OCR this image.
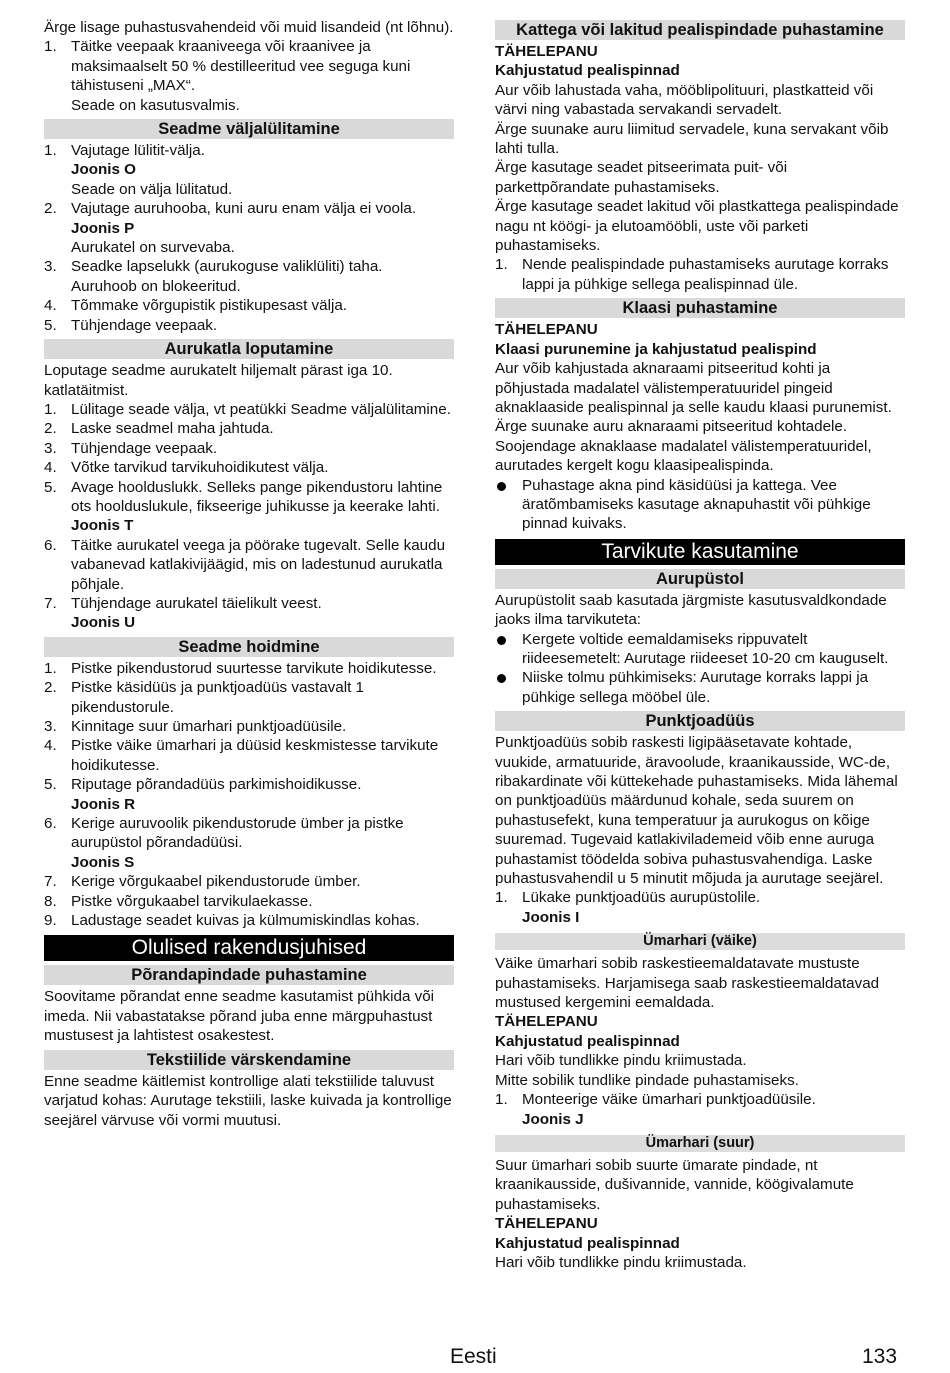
Ärge lisage puhastusvahendeid või muid lisandeid (nt lõhnu).

1. Täitke veepaak kraaniveega või kraanivee ja maksimaalselt 50 % destilleeritud vee seguga kuni tähistuseni „MAX“.

Seade on kasutusvalmis.

Seadme väljalülitamine
1. Vajutage lülitit-välja.

Joonis O

Seade on välja lülitatud.

2. Vajutage auruhooba, kuni auru enam välja ei voola.

Joonis P

Aurukatel on survevaba.

3. Seadke lapselukk (aurukoguse valiklüliti) taha.

Auruhoob on blokeeritud.

4. Tõmmake võrgupistik pistikupesast välja.
5. Tühjendage veepaak.
Aurukatla loputamine

Loputage seadme aurukatelt hiljemalt pärast iga 10. katlatäitmist.

1. Lülitage seade välja, vt peatükki Seadme väljalülitamine.
2. Laske seadmel maha jahtuda.
3. Tühjendage veepaak.
4. Võtke tarvikud tarvikuhoidikutest välja.
5. Avage hoolduslukk. Selleks pange pikendustoru lahtine ots hoolduslukule, fikseerige juhikusse ja keerake lahti.

Joonis T

6. Täitke aurukatel veega ja pöörake tugevalt. Selle kaudu vabanevad katlakivijäägid, mis on ladestunud aurukatla põhjale.
7. Tühjendage aurukatel täielikult veest.

Joonis U

Seadme hoidmine
1. Pistke pikendustorud suurtesse tarvikute hoidikutesse.
2. Pistke käsidüüs ja punktjoadüüs vastavalt 1 pikendustorule.
3. Kinnitage suur ümarhari punktjoadüüsile.
4. Pistke väike ümarhari ja düüsid keskmistesse tarvikute hoidikutesse.
5. Riputage põrandadüüs parkimishoidikusse.

Joonis R

6. Kerige auruvoolik pikendustorude ümber ja pistke aurupüstol põrandadüüsi.

Joonis S

7. Kerige võrgukaabel pikendustorude ümber.
8. Pistke võrgukaabel tarvikulaekasse.
9. Ladustage seadet kuivas ja külmumiskindlas kohas.
Olulised rakendusjuhised
Põrandapindade puhastamine

Soovitame põrandat enne seadme kasutamist pühkida või imeda. Nii vabastatakse põrand juba enne märgpuhastust mustusest ja lahtistest osakestest.

Tekstiilide värskendamine

Enne seadme käitlemist kontrollige alati tekstiilide taluvust varjatud kohas: Aurutage tekstiili, laske kuivada ja kontrollige seejärel värvuse või vormi muutusi.

Kattega või lakitud pealispindade puhastamine

TÄHELEPANU

Kahjustatud pealispinnad

Aur võib lahustada vaha, mööblipolituuri, plastkatteid või värvi ning vabastada servakandi servadelt.

Ärge suunake auru liimitud servadele, kuna servakant võib lahti tulla.

Ärge kasutage seadet pitseerimata puit- või parkettpõrandate puhastamiseks.

Ärge kasutage seadet lakitud või plastkattega pealispindade nagu nt köögi- ja elutoamööbli, uste või parketi puhastamiseks.

1. Nende pealispindade puhastamiseks aurutage korraks lappi ja pühkige sellega pealispinnad üle.
Klaasi puhastamine

TÄHELEPANU

Klaasi purunemine ja kahjustatud pealispind

Aur võib kahjustada aknaraami pitseeritud kohti ja põhjustada madalatel välistemperatuuridel pingeid aknaklaaside pealispinnal ja selle kaudu klaasi purunemist.

Ärge suunake auru aknaraami pitseeritud kohtadele.

Soojendage aknaklaase madalatel välistemperatuuridel, aurutades kergelt kogu klaasipealispinda.

Puhastage akna pind käsidüüsi ja kattega. Vee äratõmbamiseks kasutage aknapuhastit või pühkige pinnad kuivaks.
Tarvikute kasutamine
Aurupüstol

Aurupüstolit saab kasutada järgmiste kasutusvaldkondade jaoks ilma tarvikuteta:

Kergete voltide eemaldamiseks rippuvatelt riideesemetelt: Aurutage riideeset 10-20 cm kauguselt.
Niiske tolmu pühkimiseks: Aurutage korraks lappi ja pühkige sellega mööbel üle.
Punktjoadüüs

Punktjoadüüs sobib raskesti ligipääsetavate kohtade, vuukide, armatuuride, äravoolude, kraanikausside, WC-de, ribakardinate või küttekehade puhastamiseks. Mida lähemal on punktjoadüüs määrdunud kohale, seda suurem on puhastusefekt, kuna temperatuur ja aurukogus on kõige suuremad. Tugevaid katlakivilademeid võib enne auruga puhastamist töödelda sobiva puhastusvahendiga. Laske puhastusvahendil u 5 minutit mõjuda ja aurutage seejärel.

1. Lükake punktjoadüüs aurupüstolile.

Joonis I

Ümarhari (väike)

Väike ümarhari sobib raskestieemaldatavate mustuste puhastamiseks. Harjamisega saab raskestieemaldatavad mustused kergemini eemaldada.

TÄHELEPANU

Kahjustatud pealispinnad

Hari võib tundlikke pindu kriimustada.

Mitte sobilik tundlike pindade puhastamiseks.

1. Monteerige väike ümarhari punktjoadüüsile.

Joonis J

Ümarhari (suur)

Suur ümarhari sobib suurte ümarate pindade, nt kraanikausside, dušivannide, vannide, köögivalamute puhastamiseks.

TÄHELEPANU

Kahjustatud pealispinnad

Hari võib tundlikke pindu kriimustada.

Eesti	133
